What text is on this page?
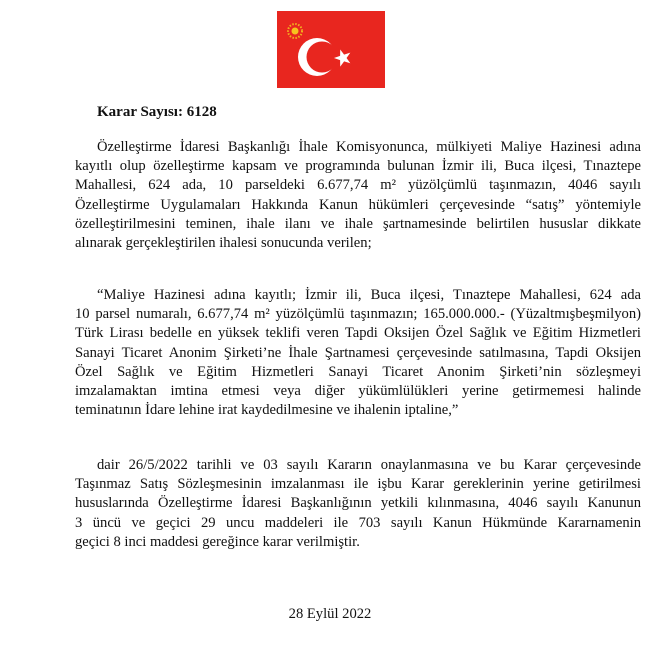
Karar Sayısı: 6128
Özelleştirme İdaresi Başkanlığı İhale Komisyonunca, mülkiyeti Maliye Hazinesi adına
kayıtlı olup özelleştirme kapsam ve programında bulunan İzmir ili, Buca ilçesi, Tınaztepe
Mahallesi, 624 ada, 10 parseldeki 6.677,74 m² yüzölçümlü taşınmazın, 4046 sayılı
Özelleştirme Uygulamaları Hakkında Kanun hükümleri çerçevesinde “satış” yöntemiyle
özelleştirilmesini teminen, ihale ilanı ve ihale şartnamesinde belirtilen hususlar dikkate
alınarak gerçekleştirilen ihalesi sonucunda verilen;
“Maliye Hazinesi adına kayıtlı; İzmir ili, Buca ilçesi, Tınaztepe Mahallesi, 624 ada
10 parsel numaralı, 6.677,74 m² yüzölçümlü taşınmazın; 165.000.000.- (Yüzaltmışbeşmilyon)
Türk Lirası bedelle en yüksek teklifi veren Tapdi Oksijen Özel Sağlık ve Eğitim Hizmetleri
Sanayi Ticaret Anonim Şirketi’ne İhale Şartnamesi çerçevesinde satılmasına, Tapdi Oksijen
Özel Sağlık ve Eğitim Hizmetleri Sanayi Ticaret Anonim Şirketi’nin sözleşmeyi
imzalamaktan imtina etmesi veya diğer yükümlülükleri yerine getirmemesi halinde
teminatının İdare lehine irat kaydedilmesine ve ihalenin iptaline,”
dair 26/5/2022 tarihli ve 03 sayılı Kararın onaylanmasına ve bu Karar çerçevesinde
Taşınmaz Satış Sözleşmesinin imzalanması ile işbu Karar gereklerinin yerine getirilmesi
hususlarında Özelleştirme İdaresi Başkanlığının yetkili kılınmasına, 4046 sayılı Kanunun
3 üncü ve geçici 29 uncu maddeleri ile 703 sayılı Kanun Hükmünde Kararnamenin
geçici 8 inci maddesi gereğince karar verilmiştir.
28 Eylül 2022
